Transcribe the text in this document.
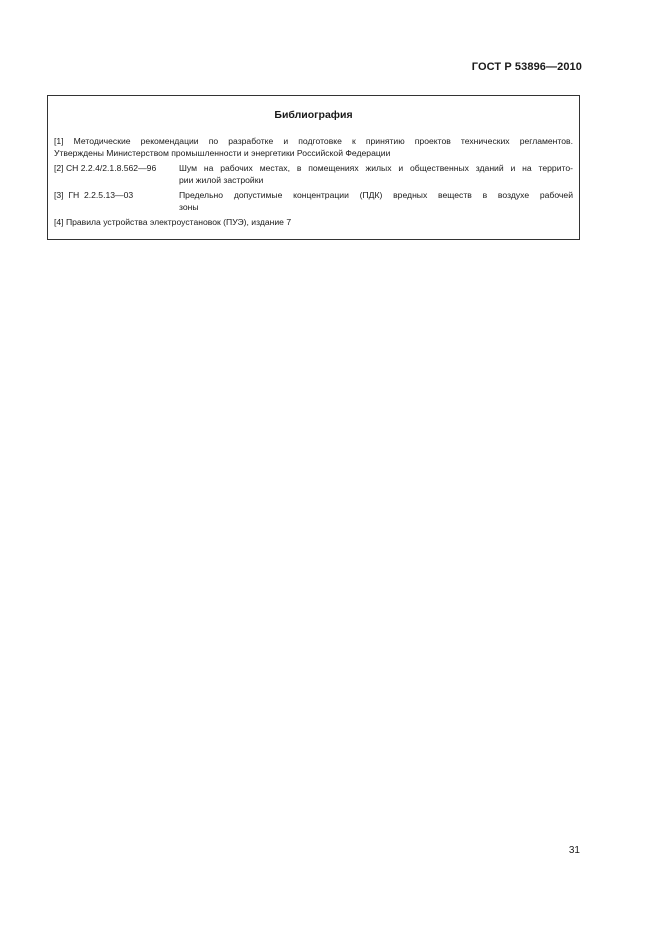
ГОСТ Р 53896—2010
Библиография
[1] Методические рекомендации по разработке и подготовке к принятию проектов технических регламентов.
Утверждены Министерством промышленности и энергетики Российской Федерации
[2] СН 2.2.4/2.1.8.562—96	Шум на рабочих местах, в помещениях жилых и общественных зданий и на террито-
рии жилой застройки
[3]  ГН  2.2.5.13—03	Предельно допустимые концентрации (ПДК) вредных веществ в воздухе рабочей
зоны
[4] Правила устройства электроустановок (ПУЭ), издание 7
31
